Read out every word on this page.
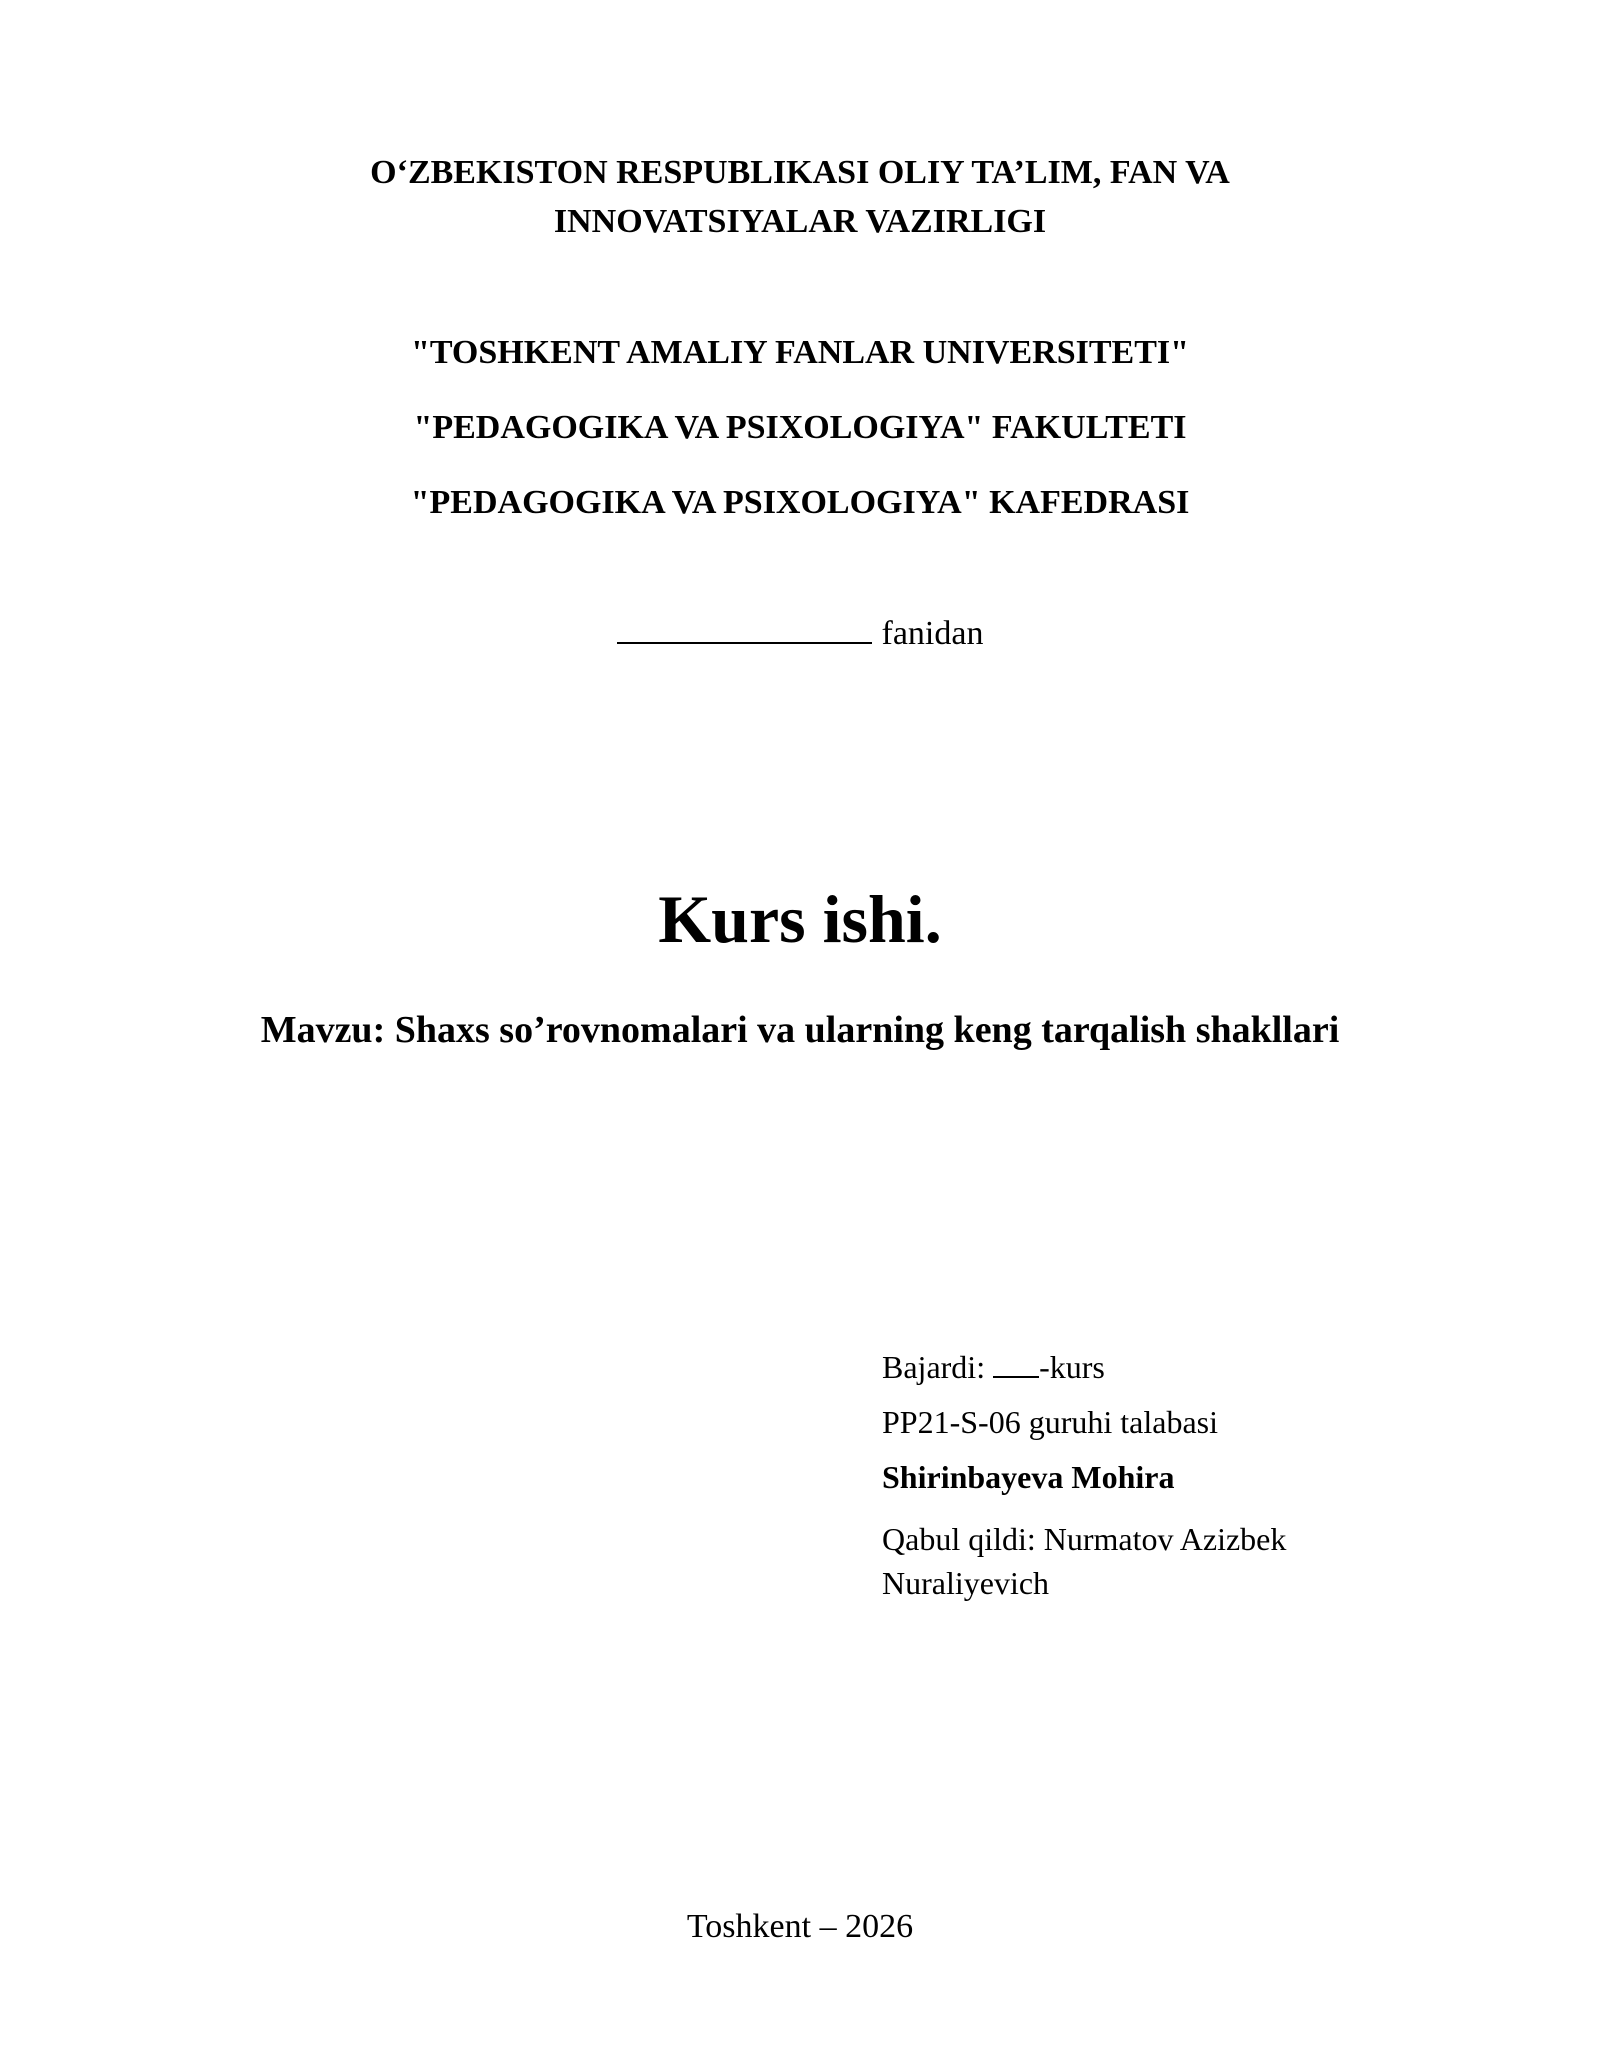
O‘ZBEKISTON RESPUBLIKASI OLIY TA’LIM, FAN VA
INNOVATSIYALAR VAZIRLIGI
"TOSHKENT AMALIY FANLAR UNIVERSITETI"
"PEDAGOGIKA VA PSIXOLOGIYA" FAKULTETI
"PEDAGOGIKA VA PSIXOLOGIYA" KAFEDRASI
fanidan
Kurs ishi.
Mavzu: Shaxs so’rovnomalari va ularning keng tarqalish shakllari
Bajardi: -kurs
PP21-S-06 guruhi talabasi
Shirinbayeva Mohira
Qabul qildi: Nurmatov Azizbek
Nuraliyevich
Toshkent – 2026
